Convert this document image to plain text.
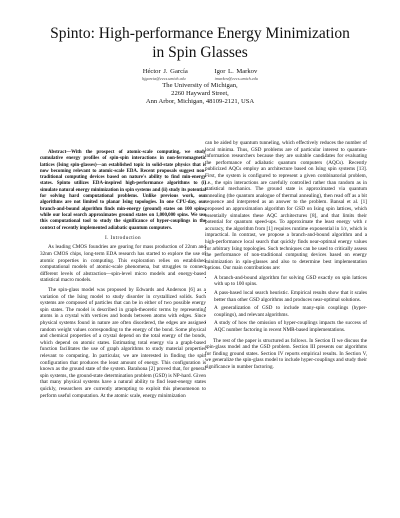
Spinto: High-performance Energy Minimization
in Spin Glasses
Héctor J. García	Igor L. Markov
hjgarcia@eecs.umich.edu	imarkov@eecs.umich.edu
The University of Michigan,
2260 Hayward Street,
Ann Arbor, Michigan, 48109-2121, USA

Abstract—With the prospect of atomic-scale computing, we study cumulative energy profiles of spin-spin interactions in non-ferromagnetic lattices (Ising spin-glasses)—an established topic in solid-state physics that is now becoming relevant to atomic-scale EDA. Recent proposals suggest non-traditional computing devices based on nature's ability to find min-energy states. Spinto utilizes EDA-inspired high-performance algorithms to (i) simulate natural energy minimization in spin systems and (ii) study its potential for solving hard computational problems. Unlike previous work, our algorithms are not limited to planar Ising topologies. In one CPU-day, our branch-and-bound algorithm finds min-energy (ground) states on 100 spins, while our local search approximates ground states on 1,000,000 spins. We use this computational tool to study the significance of hyper-couplings in the context of recently implemented adiabatic quantum computers.

I. Introduction

As leading CMOS foundries are gearing for mass production of 22nm and 32nm CMOS chips, long-term EDA research has started to explore the use of atomic properties in computing. This exploration relies on established computational models of atomic-scale phenomena, but struggles to connect different levels of abstraction—spin-level micro models and energy-based statistical macro models.

The spin-glass model was proposed by Edwards and Anderson [6] as a variation of the Ising model to study disorder in crystallized solids. Such systems are composed of particles that can be in either of two possible energy spin states. The model is described in graph-theoretic terms by representing atoms in a crystal with vertices and bonds between atoms with edges. Since physical systems found in nature are often disordered, the edges are assigned random weight values corresponding to the energy of the bond. Some physical and chemical properties of a crystal depend on the total energy of the bonds, which depend on atomic states. Estimating total energy via a graph-based function facilitates the use of graph algorithms to study material properties relevant to computing. In particular, we are interested in finding the spin configuration that produces the least amount of energy. This configuration is known as the ground state of the system. Barahona [2] proved that, for general spin systems, the ground-state determination problem (GSD) is NP-hard. Given that many physical systems have a natural ability to find least-energy states quickly, researchers are currently attempting to exploit this phenomenon to perform useful computation. At the atomic scale, energy minimization

can be aided by quantum tunneling, which effectively reduces the number of local minima. Thus, GSD problems are of particular interest to quantum-information researchers because they are suitable candidates for evaluating the performance of adiabatic quantum computers (AQCs). Recently publicized AQCs employ an architecture based on Ising spin systems [13]. First, the system is configured to represent a given combinatorial problem, i.e., the spin interactions are carefully controlled rather than random as in statistical mechanics. The ground state is approximated via quantum annealing (the quantum analogue of thermal annealing), then read off as a bit sequence and interpreted as an answer to the problem. Bansal et al. [1] proposed an approximation algorithm for GSD on Ising spin lattices, which essentially simulates these AQC architectures [8], and that limits their potential for quantum speed-ups. To approximate the least energy with ε accuracy, the algorithm from [1] requires runtime exponential in 1/ε, which is impractical. In contrast, we propose a branch-and-bound algorithm and a high-performance local search that quickly finds near-optimal energy values for arbitrary Ising topologies. Such techniques can be used to critically assess the performance of non-traditional computing devices based on energy minimization in spin-glasses and also to determine best implementation options. Our main contributions are:

• A branch-and-bound algorithm for solving GSD exactly on spin lattices with up to 100 spins.
• A pass-based local search heuristic. Empirical results show that it scales better than other GSD algorithms and produces near-optimal solutions.
• A generalization of GSD to include many-spin couplings (hyper-couplings), and relevant algorithms.
• A study of how the omission of hyper-couplings impacts the success of AQC number factoring in recent NMR-based implementations.

The rest of the paper is structured as follows. In Section II we discuss the spin-glass model and the GSD problem. Section III presents our algorithms for finding ground states. Section IV reports empirical results. In Section V, we generalize the spin-glass model to include hyper-couplings and study their significance in number factoring.
